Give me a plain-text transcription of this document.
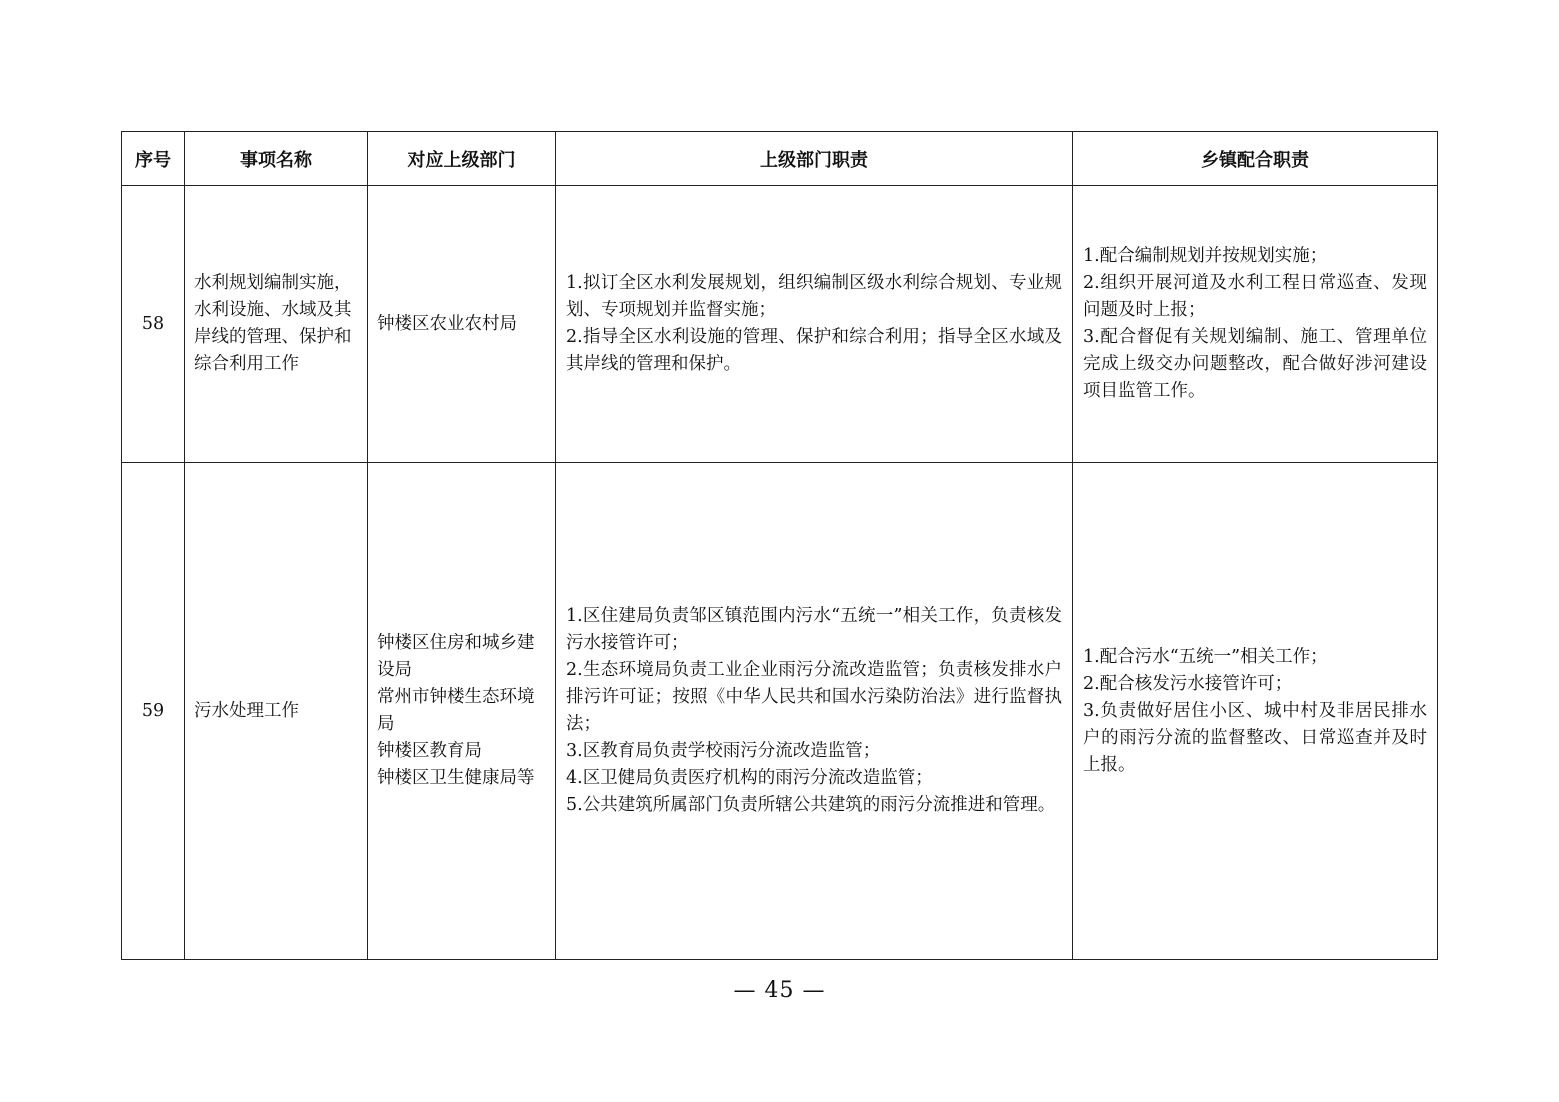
序号	事项名称	对应上级部门	上级部门职责	乡镇配合职责
58	水利规划编制实施，水利设施、水域及其岸线的管理、保护和综合利用工作	钟楼区农业农村局	1.拟订全区水利发展规划，组织编制区级水利综合规划、专业规划、专项规划并监督实施；
2.指导全区水利设施的管理、保护和综合利用；指导全区水域及其岸线的管理和保护。	1.配合编制规划并按规划实施；
2.组织开展河道及水利工程日常巡查、发现问题及时上报；
3.配合督促有关规划编制、施工、管理单位完成上级交办问题整改，配合做好涉河建设项目监管工作。

59	污水处理工作	钟楼区住房和城乡建设局
常州市钟楼生态环境局
钟楼区教育局
钟楼区卫生健康局等	1.区住建局负责邹区镇范围内污水“五统一”相关工作，负责核发污水接管许可；
2.生态环境局负责工业企业雨污分流改造监管；负责核发排水户排污许可证；按照《中华人民共和国水污染防治法》进行监督执法；
3.区教育局负责学校雨污分流改造监管；
4.区卫健局负责医疗机构的雨污分流改造监管；
5.公共建筑所属部门负责所辖公共建筑的雨污分流推进和管理。	1.配合污水“五统一”相关工作；
2.配合核发污水接管许可；
3.负责做好居住小区、城中村及非居民排水户的雨污分流的监督整改、日常巡查并及时上报。
— 45 —
